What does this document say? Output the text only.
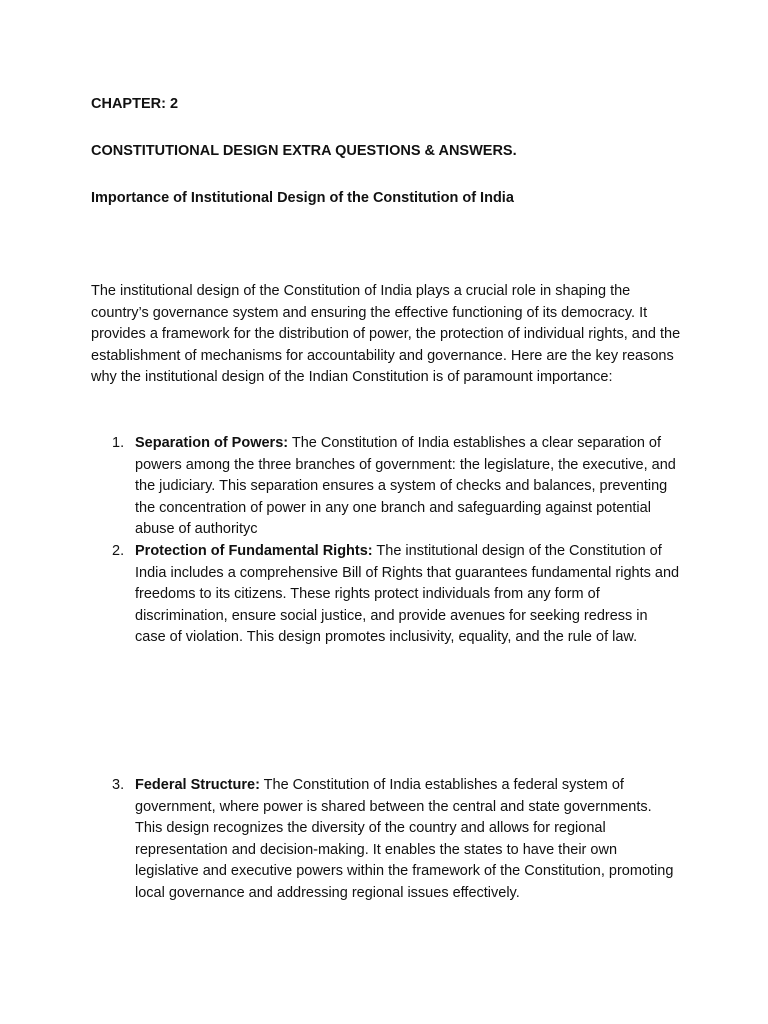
CHAPTER: 2

CONSTITUTIONAL DESIGN EXTRA QUESTIONS & ANSWERS.

Importance of Institutional Design of the Constitution of India

The institutional design of the Constitution of India plays a crucial role in shaping the country’s governance system and ensuring the effective functioning of its democracy. It provides a framework for the distribution of power, the protection of individual rights, and the establishment of mechanisms for accountability and governance. Here are the key reasons why the institutional design of the Indian Constitution is of paramount importance:

1. Separation of Powers: The Constitution of India establishes a clear separation of powers among the three branches of government: the legislature, the executive, and the judiciary. This separation ensures a system of checks and balances, preventing the concentration of power in any one branch and safeguarding against potential abuse of authorityc
2. Protection of Fundamental Rights: The institutional design of the Constitution of India includes a comprehensive Bill of Rights that guarantees fundamental rights and freedoms to its citizens. These rights protect individuals from any form of discrimination, ensure social justice, and provide avenues for seeking redress in case of violation. This design promotes inclusivity, equality, and the rule of law.
3. Federal Structure: The Constitution of India establishes a federal system of government, where power is shared between the central and state governments. This design recognizes the diversity of the country and allows for regional representation and decision-making. It enables the states to have their own legislative and executive powers within the framework of the Constitution, promoting local governance and addressing regional issues effectively.
